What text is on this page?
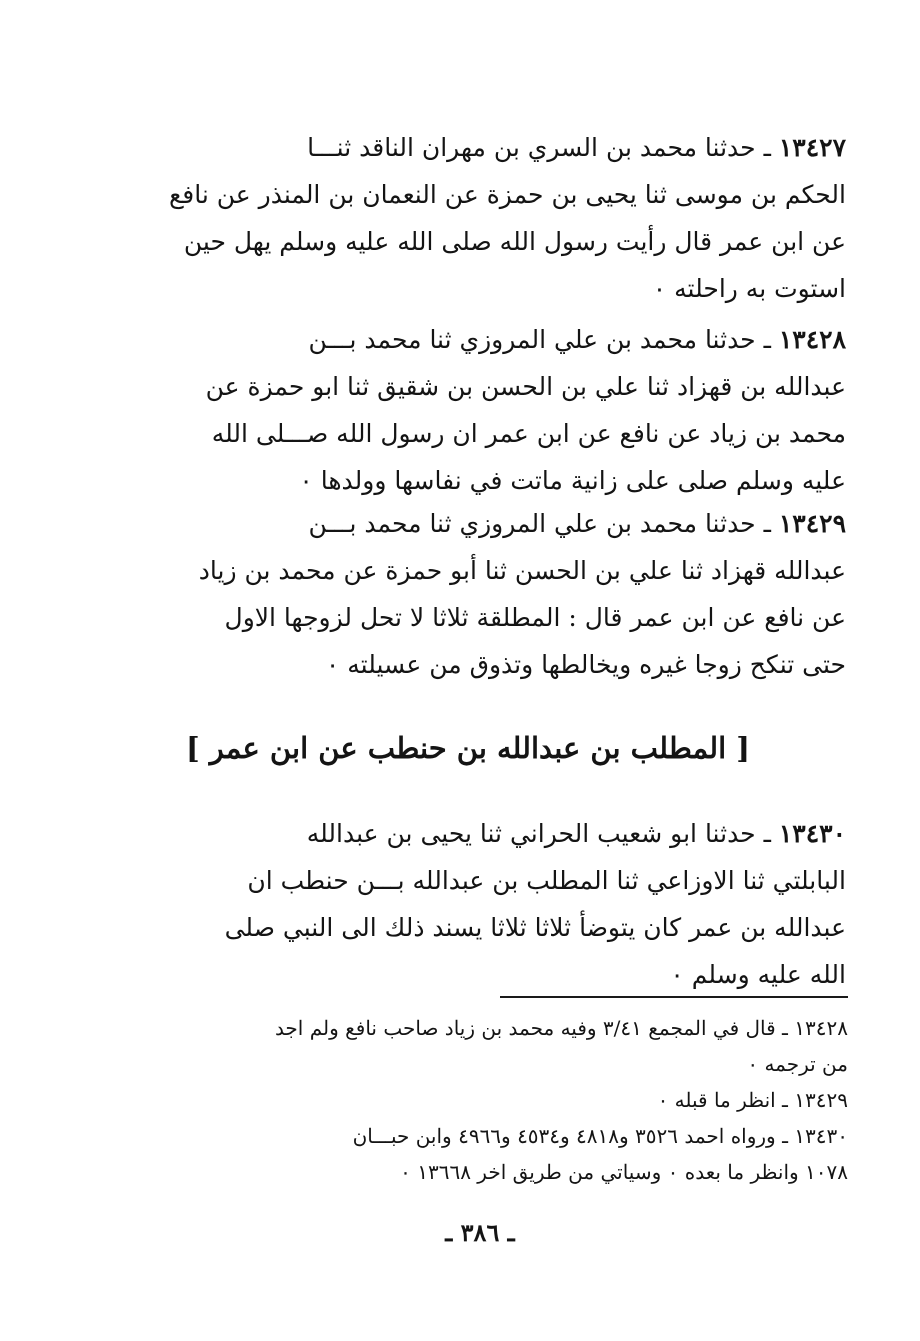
١٣٤٢٧ ـ حدثنا محمد بن السري بن مهران الناقد ثنـــا
الحكم بن موسى ثنا يحيى بن حمزة عن النعمان بن المنذر عن نافع
عن ابن عمر قال رأيت رسول الله صلى الله عليه وسلم يهل حين
استوت به راحلته ٠
١٣٤٢٨ ـ حدثنا محمد بن علي المروزي ثنا محمد بـــن
عبدالله بن قهزاد ثنا علي بن الحسن بن شقيق ثنا ابو حمزة عن
محمد بن زياد عن نافع عن ابن عمر ان رسول الله صـــلى الله
عليه وسلم صلى على زانية ماتت في نفاسها وولدها ٠
١٣٤٢٩ ـ حدثنا محمد بن علي المروزي ثنا محمد بـــن
عبدالله قهزاد ثنا علي بن الحسن ثنا أبو حمزة عن محمد بن زياد
عن نافع عن ابن عمر قال : المطلقة ثلاثا لا تحل لزوجها الاول
حتى تنكح زوجا غيره ويخالطها وتذوق من عسيلته ٠
[ المطلب بن عبدالله بن حنطب عن ابن عمر ]
١٣٤٣٠ ـ حدثنا ابو شعيب الحراني ثنا يحيى بن عبدالله
البابلتي ثنا الاوزاعي ثنا المطلب بن عبدالله بـــن حنطب ان
عبدالله بن عمر كان يتوضأ ثلاثا ثلاثا يسند ذلك الى النبي صلى
الله عليه وسلم ٠
١٣٤٢٨ ـ قال في المجمع ٣/٤١ وفيه محمد بن زياد صاحب نافع ولم اجد
من ترجمه ٠
١٣٤٢٩ ـ انظر ما قبله ٠
١٣٤٣٠ ـ ورواه احمد ٣٥٢٦ و٤٨١٨ و٤٥٣٤ و٤٩٦٦ وابن حبـــان
١٠٧٨ وانظر ما بعده ٠ وسياتي من طريق اخر ١٣٦٦٨ ٠
ـ ٣٨٦ ـ
